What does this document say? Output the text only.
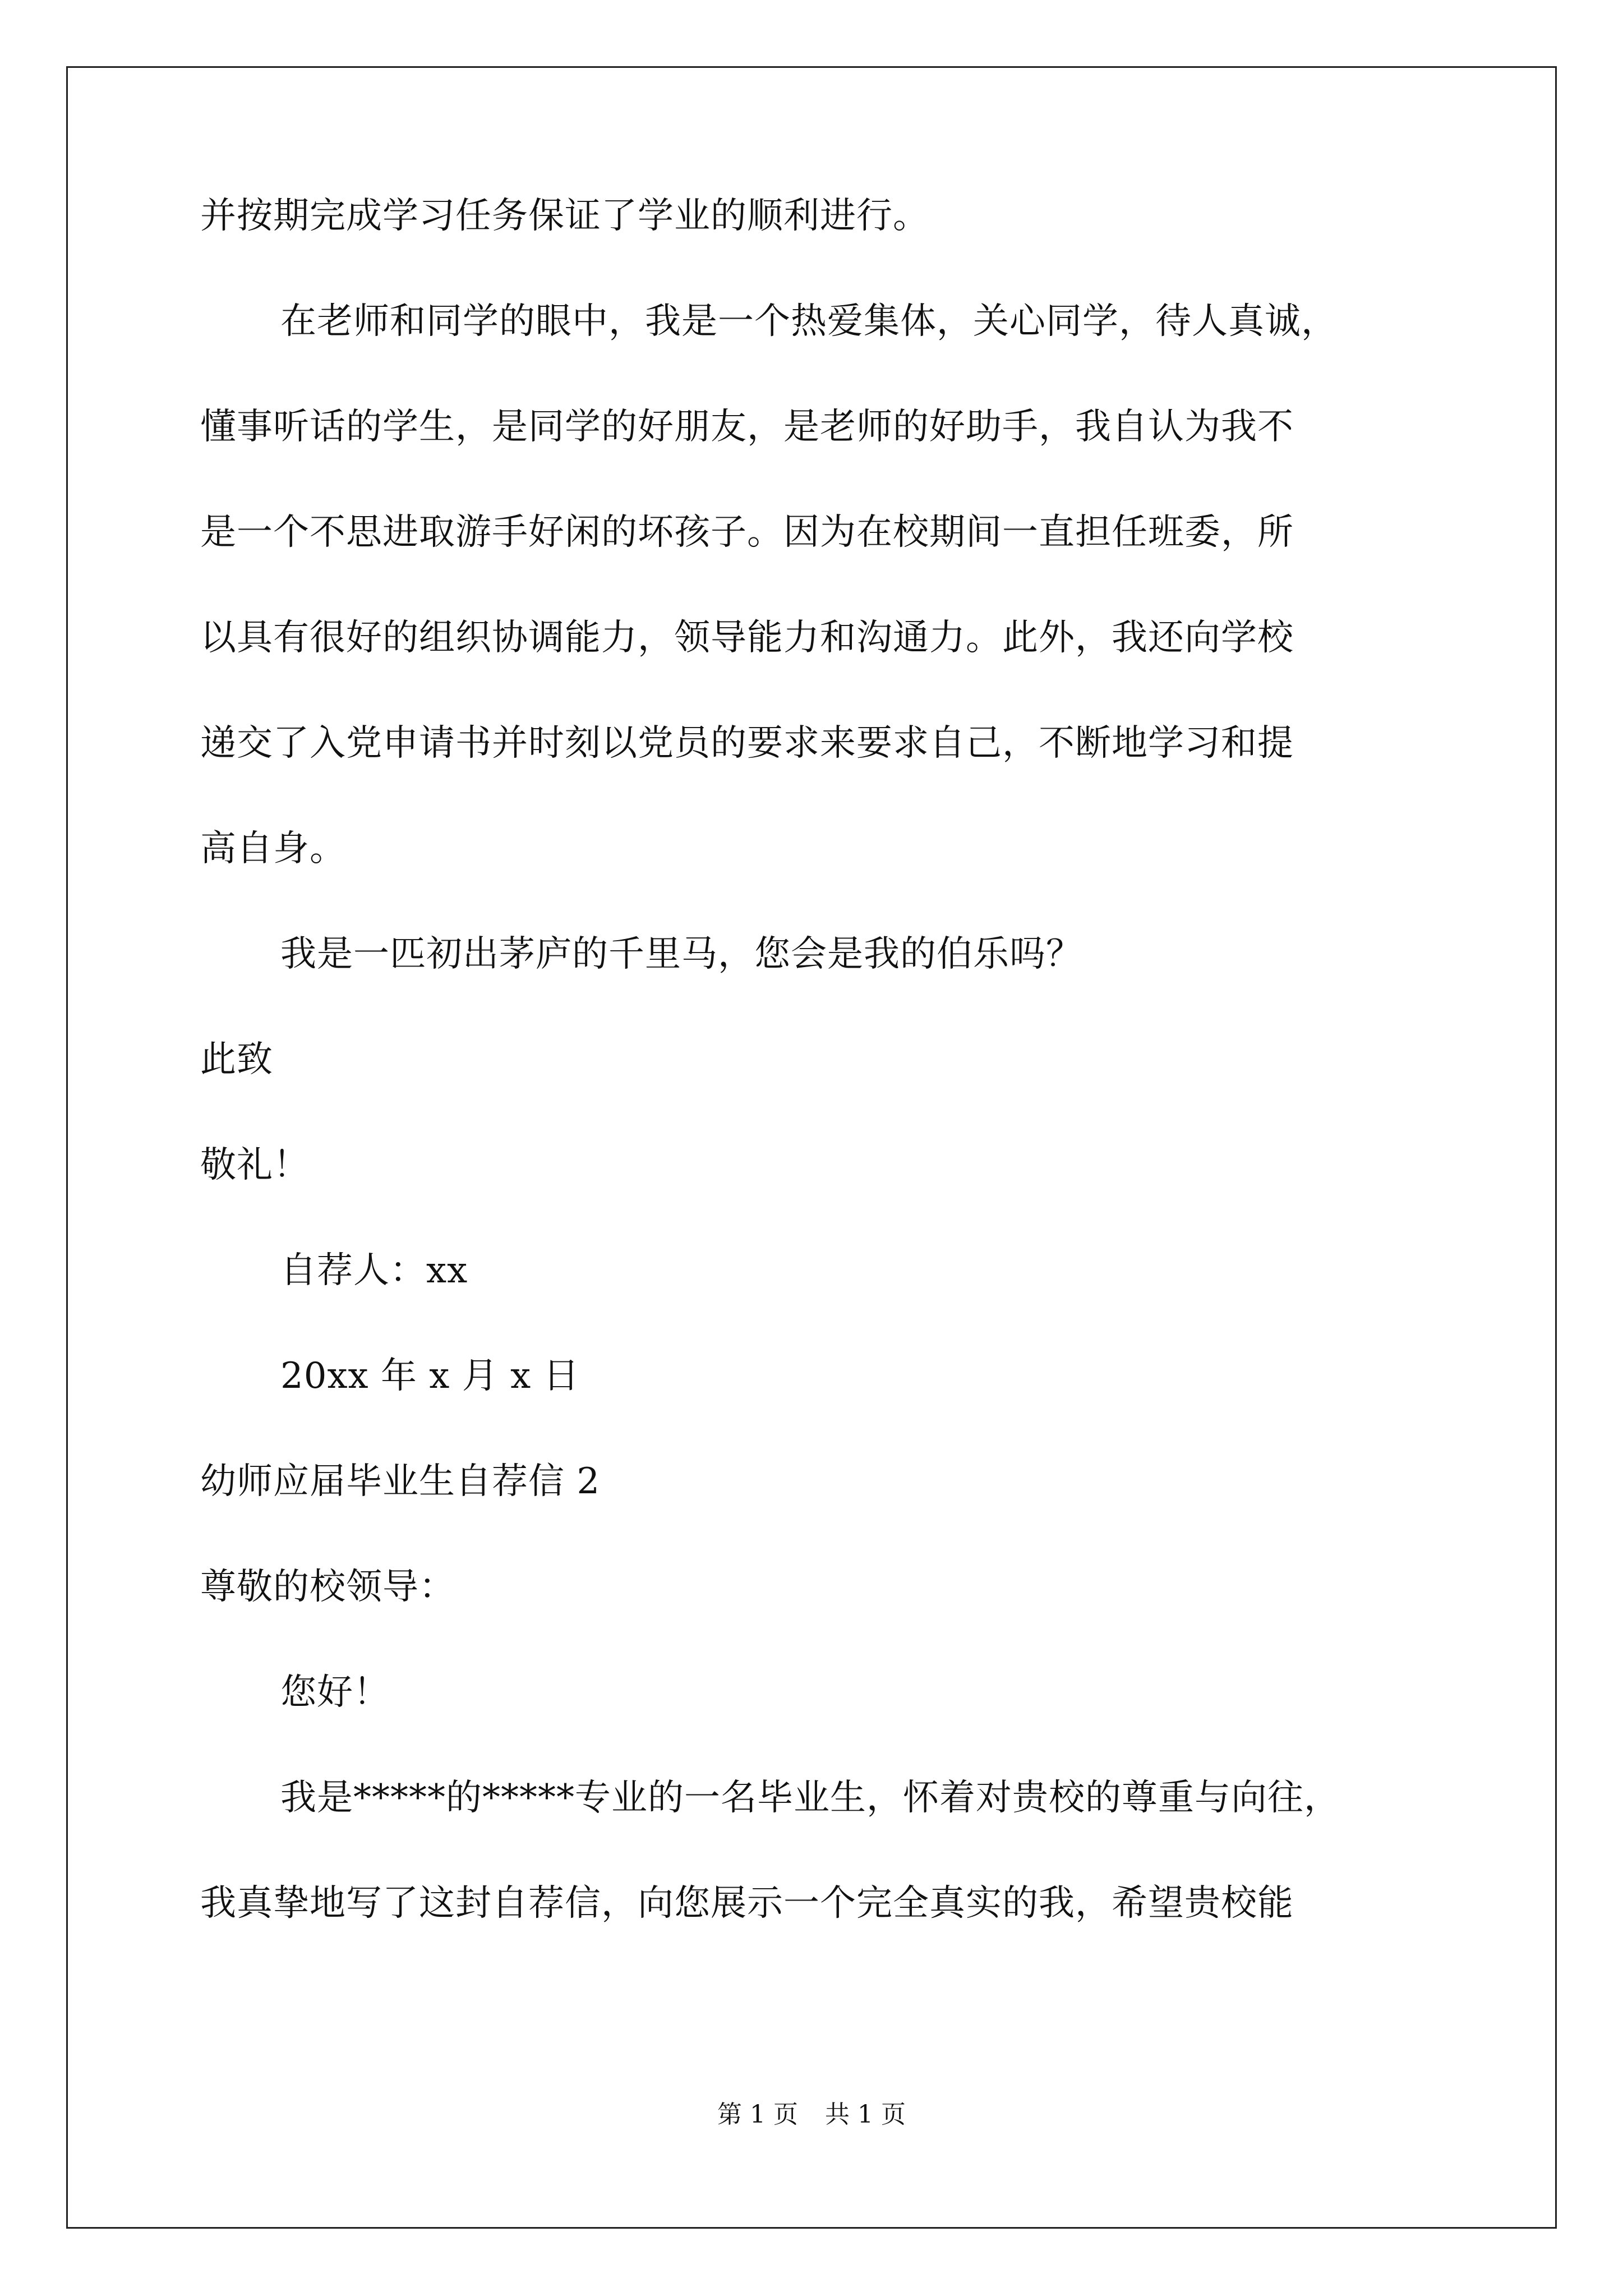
并按期完成学习任务保证了学业的顺利进行。
在老师和同学的眼中，我是一个热爱集体，关心同学，待人真诚，
懂事听话的学生，是同学的好朋友，是老师的好助手，我自认为我不
是一个不思进取游手好闲的坏孩子。因为在校期间一直担任班委，所
以具有很好的组织协调能力，领导能力和沟通力。此外，我还向学校
递交了入党申请书并时刻以党员的要求来要求自己，不断地学习和提
高自身。
我是一匹初出茅庐的千里马，您会是我的伯乐吗？
此致
敬礼！
自荐人：xx
20xx 年 x 月 x 日
幼师应届毕业生自荐信 2
尊敬的校领导：
您好！
我是*****的*****专业的一名毕业生，怀着对贵校的尊重与向往，
我真挚地写了这封自荐信，向您展示一个完全真实的我，希望贵校能
第 1 页 共 1 页
